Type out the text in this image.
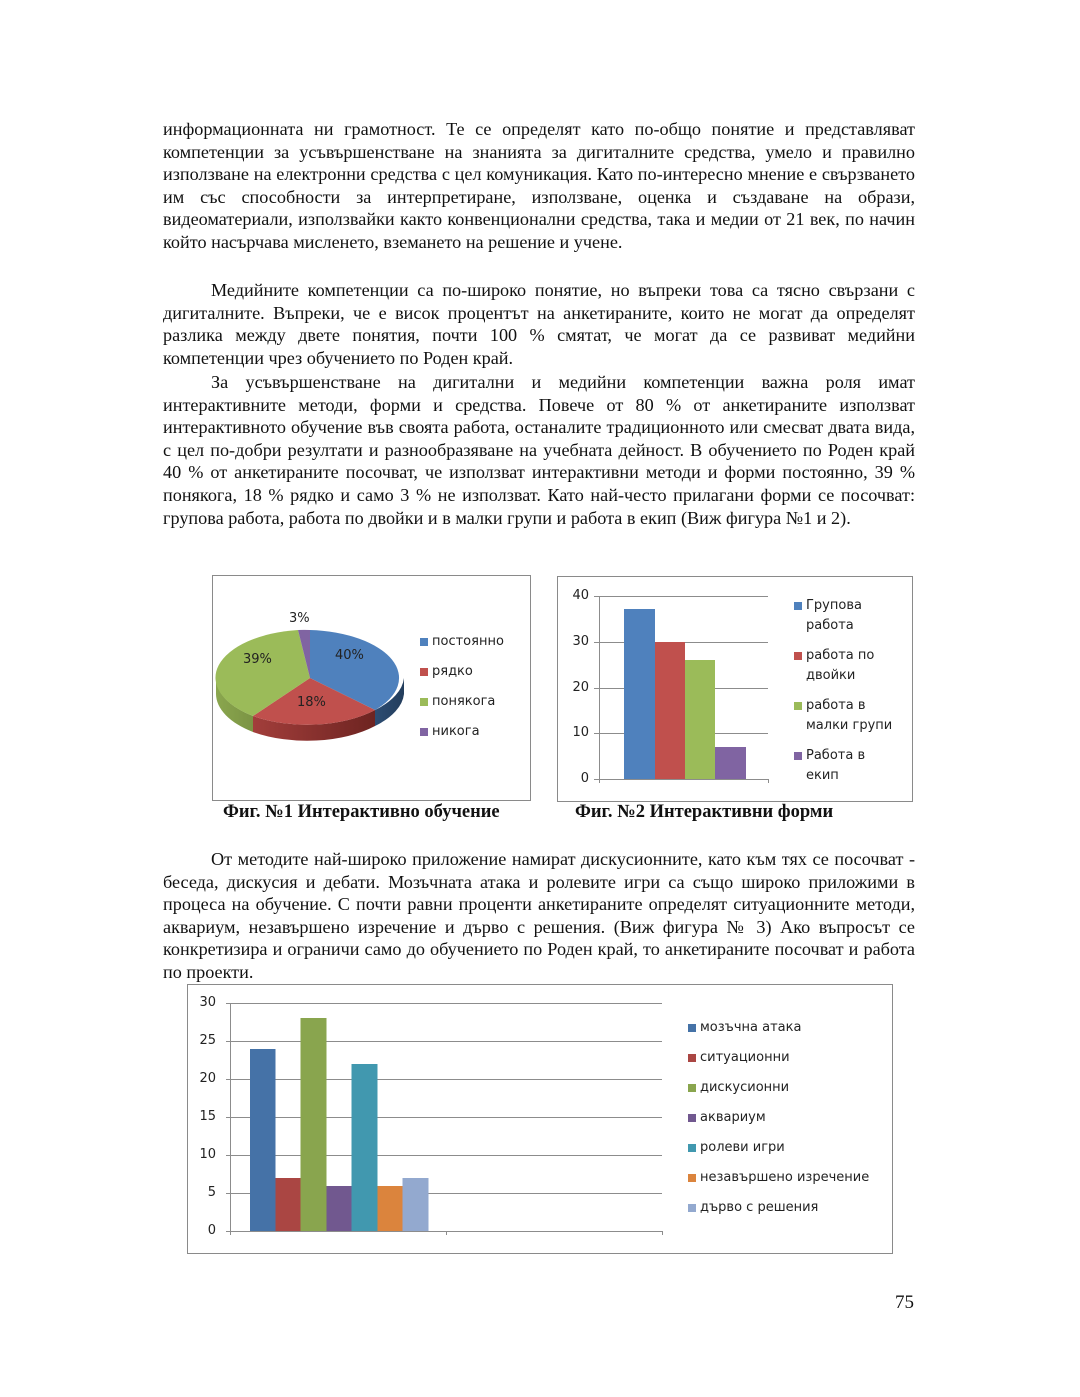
информационната ни грамотност. Те се определят като по-общо понятие и представляват компетенции за усъвършенстване на знанията за дигиталните средства, умело и правилно използване на електронни средства с цел комуникация. Като по-интересно мнение е свързването им със способности за интерпретиране, използване, оценка и създаване на образи, видеоматериали, използвайки както конвенционални средства, така и медии от 21 век, по начин който насърчава мисленето, вземането на решение и учене.
Медийните компетенции са по-широко понятие, но въпреки това са тясно свързани с дигиталните. Въпреки, че е висок процентът на анкетираните, които не могат да определят разлика между двете понятия, почти 100 % смятат, че могат да се развиват медийни компетенции чрез обучението по Роден край.
За усъвършенстване на дигитални и медийни компетенции важна роля имат интерактивните методи, форми и средства. Повече от 80 % от анкетираните използват интерактивното обучение във своята работа, останалите традиционното или смесват двата вида, с цел по-добри резултати и разнообразяване на учебната дейност. В обучението по Роден край 40 % от анкетираните посочват, че използват интерактивни методи и форми постоянно, 39 % понякога, 18 % рядко и само 3 % не използват. Като най-често прилагани форми се посочват: групова работа, работа по двойки и в малки групи и работа в екип (Виж фигура №1 и 2).
3%
40%
39%
18%
постоянно
рядко
понякога
никога
40
30
20
10
0
Групова
работа
работа по
двойки
работа в
малки групи
Работа в
екип
Фиг. №1 Интерактивно обучение	Фиг. №2 Интерактивни форми
От методите най-широко приложение намират дискусионните, като към тях се посочват - беседа, дискусия и дебати. Мозъчната атака и ролевите игри са също широко приложими в процеса на обучение. С почти равни проценти анкетираните определят ситуационните методи, аквариум, незавършено изречение и дърво с решения. (Виж фигура № 3) Ако въпросът се конкретизира и ограничи само до обучението по Роден край, то анкетираните посочват и работа по проекти.
30
25
20
15
10
5
0
мозъчна атака
ситуационни
дискусионни
аквариум
ролеви игри
незавършено изречение
дърво с решения
75
